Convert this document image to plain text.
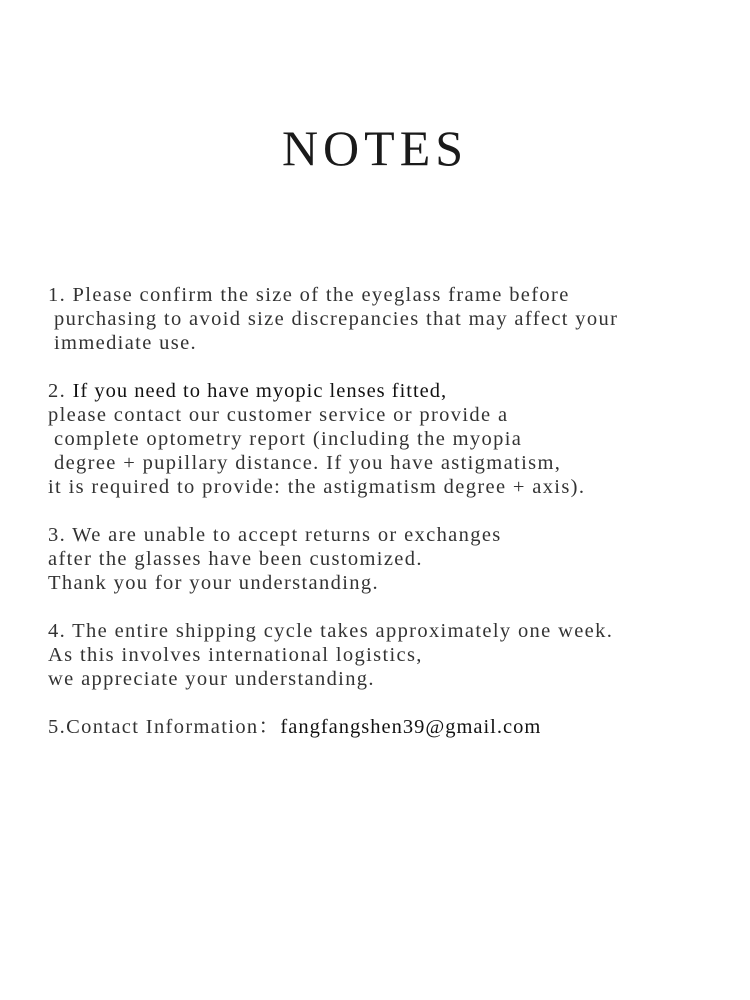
NOTES
1. Please confirm the size of the eyeglass frame before
purchasing to avoid size discrepancies that may affect your
immediate use.
2. If you need to have myopic lenses fitted,
please contact our customer service or provide a
complete optometry report (including the myopia
degree + pupillary distance. If you have astigmatism,
it is required to provide: the astigmatism degree + axis).
3. We are unable to accept returns or exchanges
after the glasses have been customized.
Thank you for your understanding.
4. The entire shipping cycle takes approximately one week.
As this involves international logistics,
we appreciate your understanding.
5.Contact Information：fangfangshen39@gmail.com
